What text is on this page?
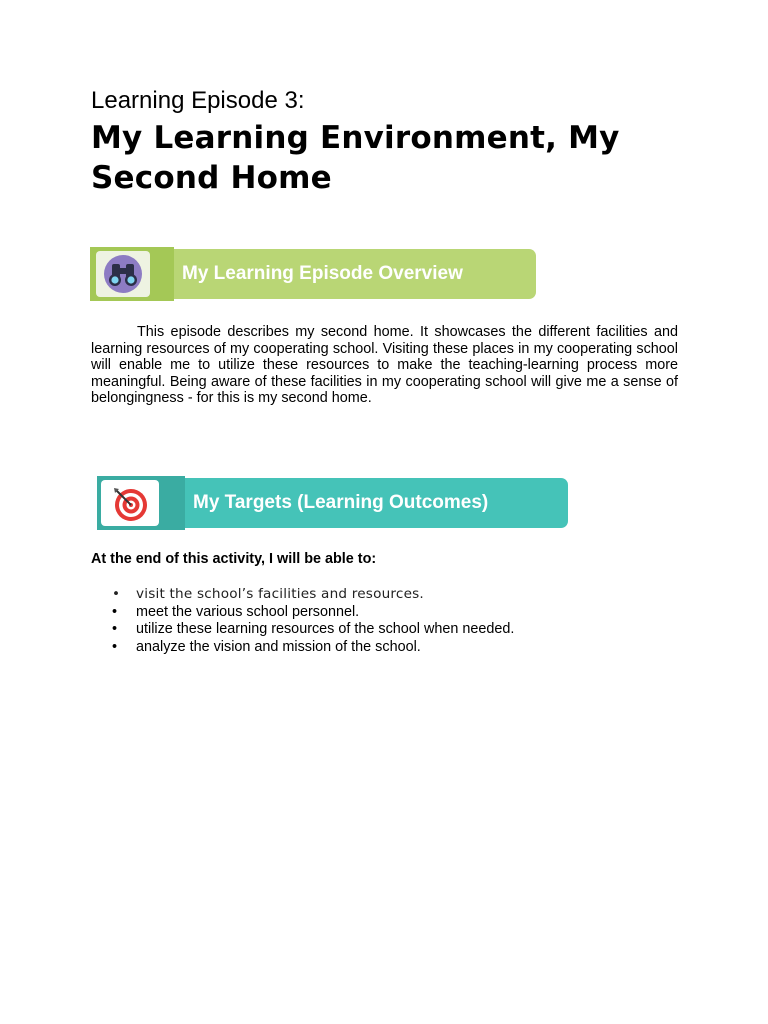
Learning Episode 3:
My Learning Environment, My Second Home
My Learning Episode Overview

This episode describes my second home. It showcases the different facilities and learning resources of my cooperating school. Visiting these places in my cooperating school will enable me to utilize these resources to make the teaching-learning process more meaningful. Being aware of these facilities in my cooperating school will give me a sense of belongingness - for this is my second home.

My Targets (Learning Outcomes)
At the end of this activity, I will be able to:
• visit the school’s facilities and resources.
• meet the various school personnel.
• utilize these learning resources of the school when needed.
• analyze the vision and mission of the school.
